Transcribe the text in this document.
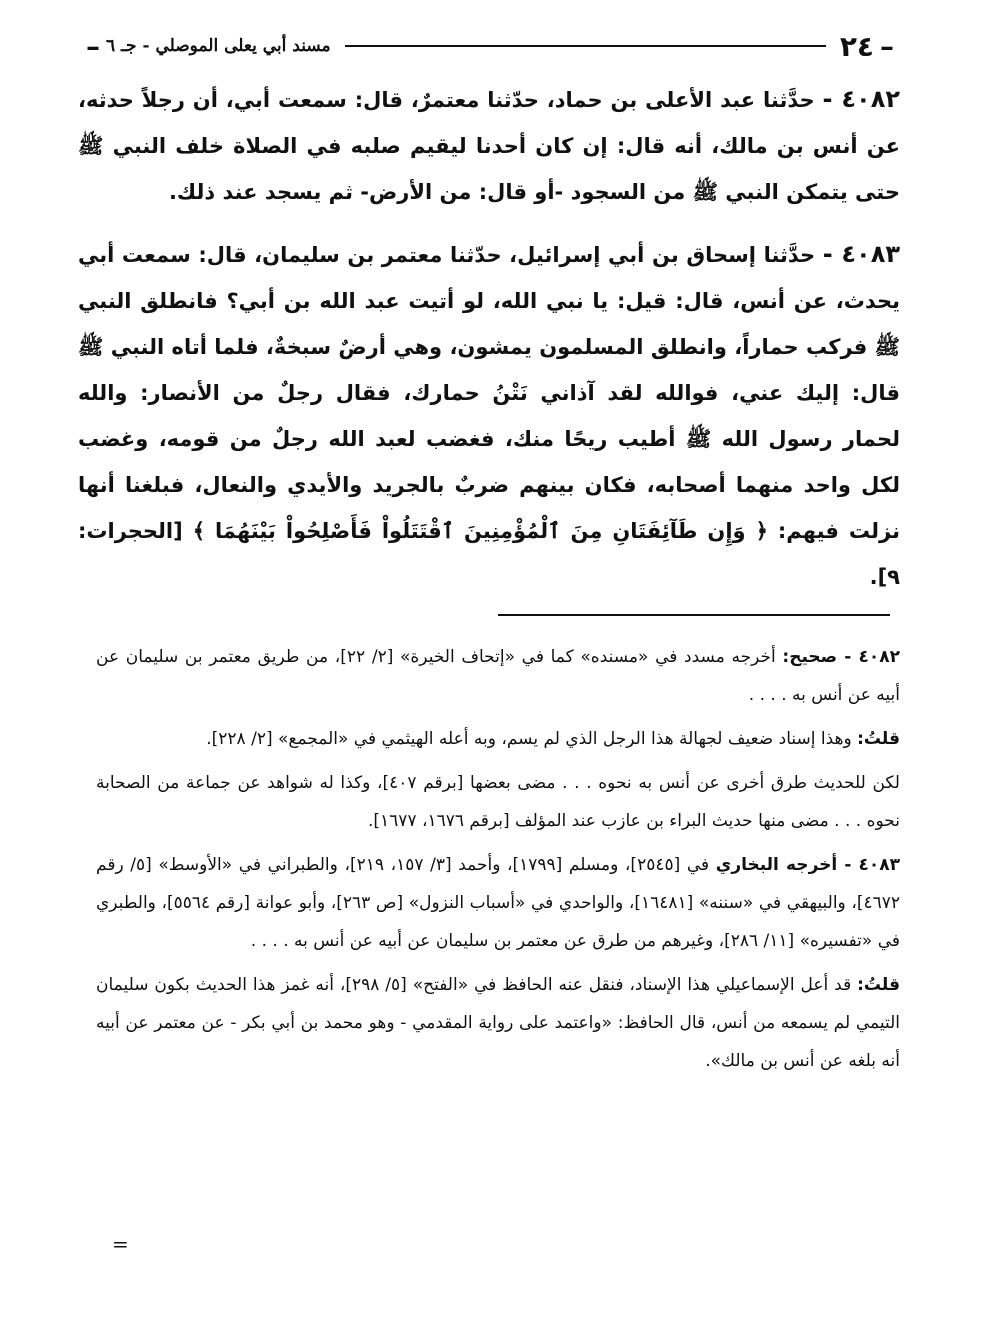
–
٢٤
مسند أبي يعلى الموصلي - جـ ٦
–

٤٠٨٢ - حدَّثنا عبد الأعلى بن حماد، حدّثنا معتمرٌ، قال: سمعت أبي، أن رجلاً حدثه، عن أنس بن مالك، أنه قال: إن كان أحدنا ليقيم صلبه في الصلاة خلف النبي ﷺ حتى يتمكن النبي ﷺ من السجود -أو قال: من الأرض- ثم يسجد عند ذلك.

٤٠٨٣ - حدَّثنا إسحاق بن أبي إسرائيل، حدّثنا معتمر بن سليمان، قال: سمعت أبي يحدث، عن أنس، قال: قيل: يا نبي الله، لو أتيت عبد الله بن أبي؟ فانطلق النبي ﷺ فركب حماراً، وانطلق المسلمون يمشون، وهي أرضٌ سبخةٌ، فلما أتاه النبي ﷺ قال: إليك عني، فوالله لقد آذاني نَتْنُ حمارك، فقال رجلٌ من الأنصار: والله لحمار رسول الله ﷺ أطيب ريحًا منك، فغضب لعبد الله رجلٌ من قومه، وغضب لكل واحد منهما أصحابه، فكان بينهم ضربٌ بالجريد والأيدي والنعال، فبلغنا أنها نزلت فيهم: ﴿ وَإِن طَآئِفَتَانِ مِنَ ٱلْمُؤْمِنِينَ ٱقْتَتَلُواْ فَأَصْلِحُواْ بَيْنَهُمَا ﴾ [الحجرات: ٩].

٤٠٨٢ - صحيح: أخرجه مسدد في «مسنده» كما في «إتحاف الخيرة» [٢/ ٢٢]، من طريق معتمر بن سليمان عن أبيه عن أنس به . . . .

قلتُ: وهذا إسناد ضعيف لجهالة هذا الرجل الذي لم يسم، وبه أعله الهيثمي في «المجمع» [٢/ ٢٢٨].

لكن للحديث طرق أخرى عن أنس به نحوه . . . مضى بعضها [برقم ٤٠٧]، وكذا له شواهد عن جماعة من الصحابة نحوه . . . مضى منها حديث البراء بن عازب عند المؤلف [برقم ١٦٧٦، ١٦٧٧].

٤٠٨٣ - أخرجه البخاري في [٢٥٤٥]، ومسلم [١٧٩٩]، وأحمد [٣/ ١٥٧، ٢١٩]، والطبراني في «الأوسط» [٥/ رقم ٤٦٧٢]، والبيهقي في «سننه» [١٦٤٨١]، والواحدي في «أسباب النزول» [ص ٢٦٣]، وأبو عوانة [رقم ٥٥٦٤]، والطبري في «تفسيره» [١١/ ٢٨٦]، وغيرهم من طرق عن معتمر بن سليمان عن أبيه عن أنس به . . . .

قلتُ: قد أعل الإسماعيلي هذا الإسناد، فنقل عنه الحافظ في «الفتح» [٥/ ٢٩٨]، أنه غمز هذا الحديث بكون سليمان التيمي لم يسمعه من أنس، قال الحافظ: «واعتمد على رواية المقدمي - وهو محمد بن أبي بكر - عن معتمر عن أبيه أنه بلغه عن أنس بن مالك».

=
